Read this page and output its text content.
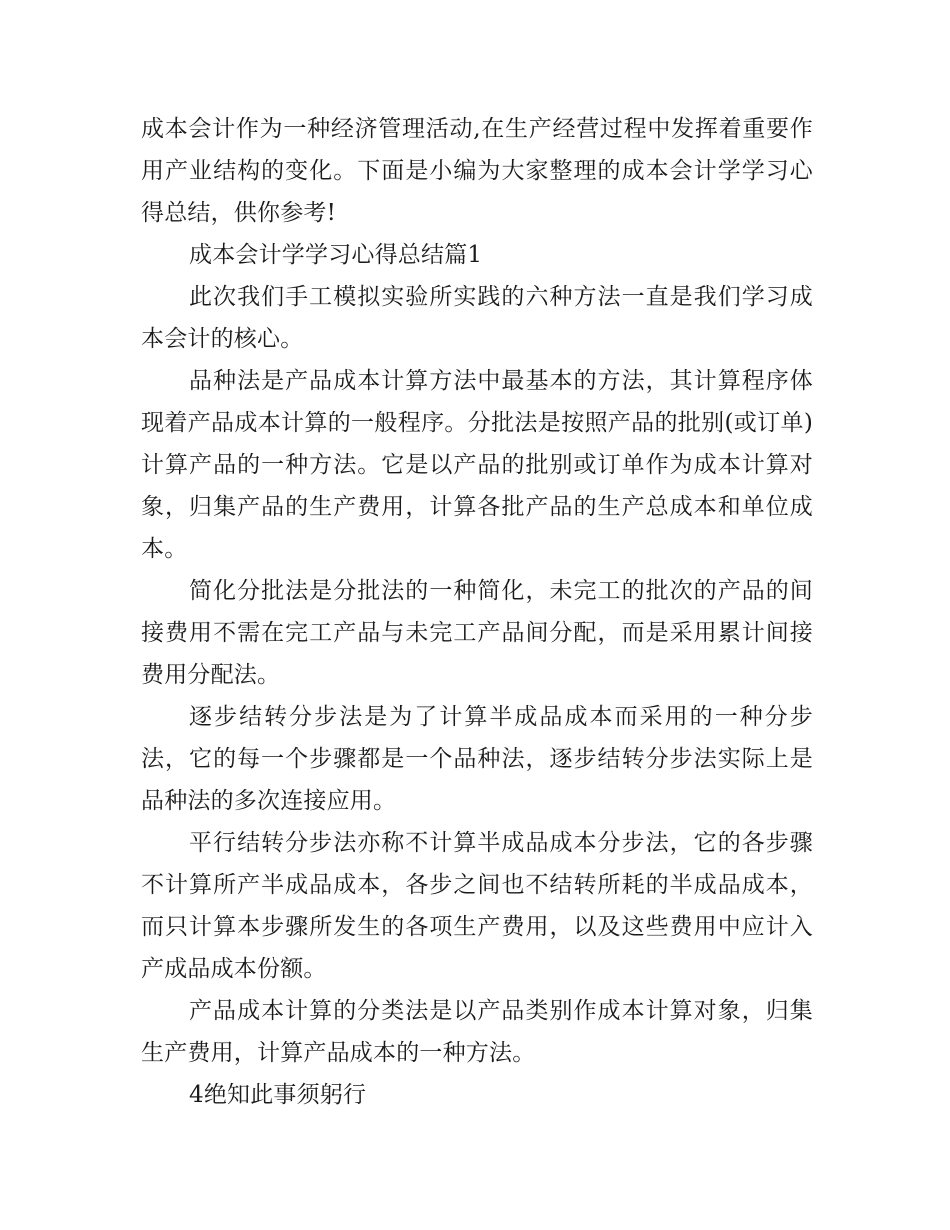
成本会计作为一种经济管理活动,在生产经营过程中发挥着重要作用产业结构的变化。下面是小编为大家整理的成本会计学学习心得总结，供你参考!

成本会计学学习心得总结篇1

此次我们手工模拟实验所实践的六种方法一直是我们学习成本会计的核心。

品种法是产品成本计算方法中最基本的方法，其计算程序体现着产品成本计算的一般程序。分批法是按照产品的批别(或订单)计算产品的一种方法。它是以产品的批别或订单作为成本计算对象，归集产品的生产费用，计算各批产品的生产总成本和单位成本。

简化分批法是分批法的一种简化，未完工的批次的产品的间接费用不需在完工产品与未完工产品间分配，而是采用累计间接费用分配法。

逐步结转分步法是为了计算半成品成本而采用的一种分步法，它的每一个步骤都是一个品种法，逐步结转分步法实际上是品种法的多次连接应用。

平行结转分步法亦称不计算半成品成本分步法，它的各步骤不计算所产半成品成本，各步之间也不结转所耗的半成品成本，而只计算本步骤所发生的各项生产费用，以及这些费用中应计入产成品成本份额。

产品成本计算的分类法是以产品类别作成本计算对象，归集生产费用，计算产品成本的一种方法。

4绝知此事须躬行
